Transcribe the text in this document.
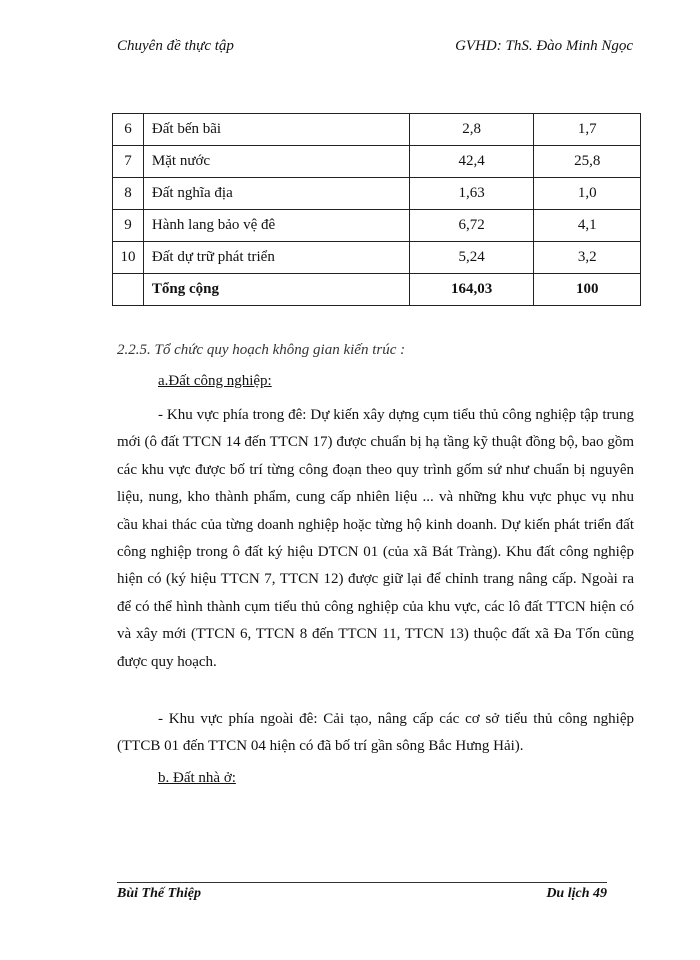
Chuyên đề thực tập	GVHD: ThS. Đào Minh Ngọc
6	Đất bến bãi	2,8	1,7
7	Mặt nước	42,4	25,8
8	Đất nghĩa địa	1,63	1,0
9	Hành lang bảo vệ đê	6,72	4,1
10	Đất dự trữ phát triển	5,24	3,2
	Tổng cộng	164,03	100
2.2.5. Tổ chức quy hoạch không gian kiến trúc :
a.Đất công nghiệp:
- Khu vực phía trong đê: Dự kiến xây dựng cụm tiểu thủ công nghiệp tập trung mới (ô đất TTCN 14 đến TTCN 17) được chuẩn bị hạ tầng kỹ thuật đồng bộ, bao gồm các khu vực được bố trí từng công đoạn theo quy trình gốm sứ như chuẩn bị nguyên liệu, nung, kho thành phẩm, cung cấp nhiên liệu ... và những khu vực phục vụ nhu cầu khai thác của từng doanh nghiệp hoặc từng hộ kinh doanh. Dự kiến phát triển đất công nghiệp trong ô đất ký hiệu DTCN 01 (của xã Bát Tràng). Khu đất công nghiệp hiện có (ký hiệu TTCN 7, TTCN 12) được giữ lại để chỉnh trang nâng cấp. Ngoài ra để có thể hình thành cụm tiểu thủ công nghiệp của khu vực, các lô đất TTCN hiện có và xây mới (TTCN 6, TTCN 8 đến TTCN 11, TTCN 13) thuộc đất xã Đa Tốn cũng được quy hoạch.
- Khu vực phía ngoài đê: Cải tạo, nâng cấp các cơ sở tiểu thủ công nghiệp (TTCB 01 đến TTCN 04 hiện có đã bố trí gần sông Bắc Hưng Hải).
b. Đất nhà ở:
Bùi Thế Thiệp	Du lịch 49
